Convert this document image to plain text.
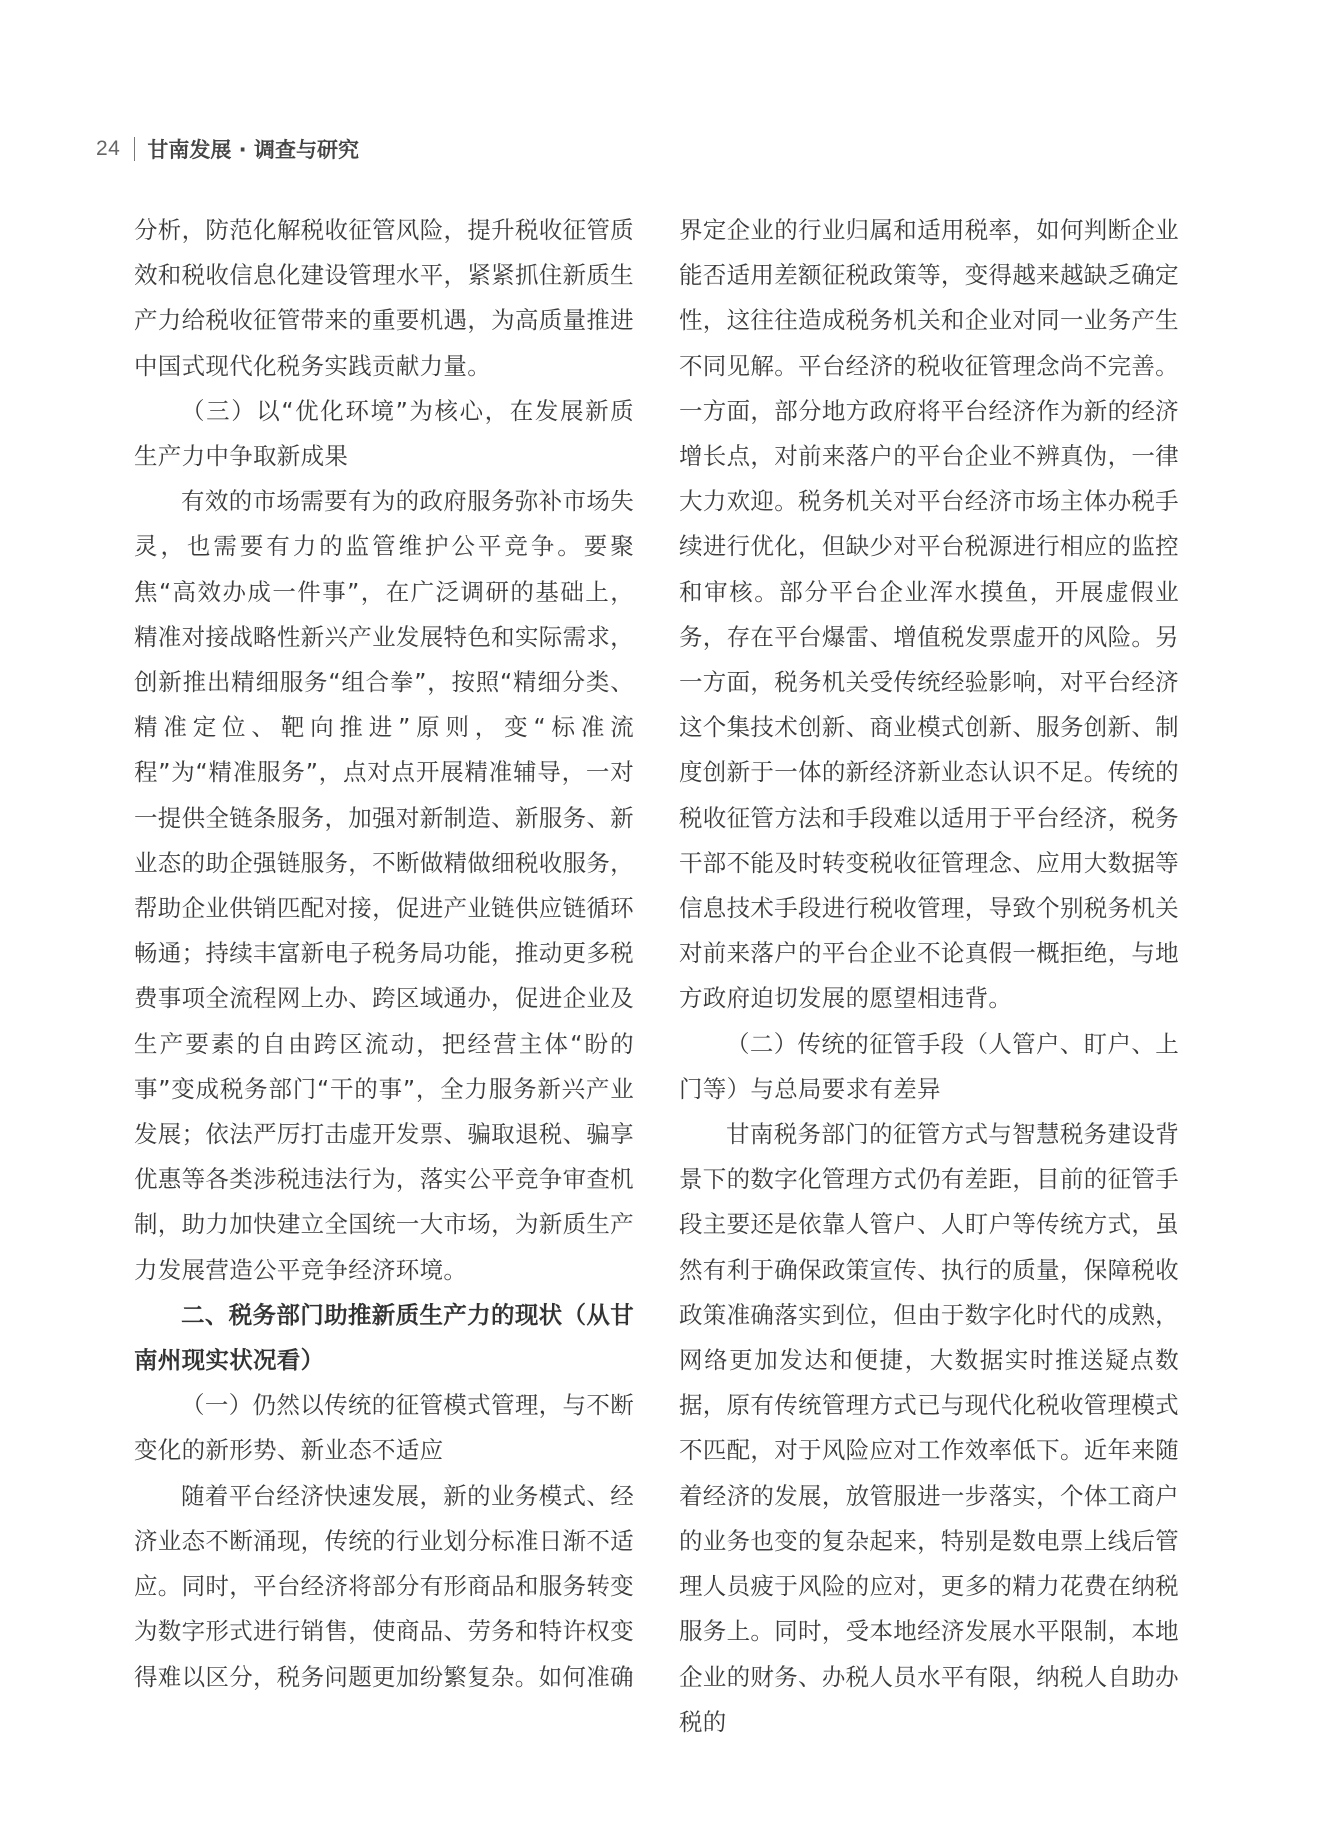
24 甘南发展 · 调查与研究

分析，防范化解税收征管风险，提升税收征管质效和税收信息化建设管理水平，紧紧抓住新质生产力给税收征管带来的重要机遇，为高质量推进中国式现代化税务实践贡献力量。

（三）以“优化环境”为核心，在发展新质生产力中争取新成果

有效的市场需要有为的政府服务弥补市场失灵，也需要有力的监管维护公平竞争。要聚焦“高效办成一件事”，在广泛调研的基础上，精准对接战略性新兴产业发展特色和实际需求，创新推出精细服务“组合拳”，按照“精细分类、精准定位、靶向推进”原则，变“标准流程”为“精准服务”，点对点开展精准辅导，一对一提供全链条服务，加强对新制造、新服务、新业态的助企强链服务，不断做精做细税收服务，帮助企业供销匹配对接，促进产业链供应链循环畅通；持续丰富新电子税务局功能，推动更多税费事项全流程网上办、跨区域通办，促进企业及生产要素的自由跨区流动，把经营主体“盼的事”变成税务部门“干的事”，全力服务新兴产业发展；依法严厉打击虚开发票、骗取退税、骗享优惠等各类涉税违法行为，落实公平竞争审查机制，助力加快建立全国统一大市场，为新质生产力发展营造公平竞争经济环境。

二、税务部门助推新质生产力的现状（从甘南州现实状况看）

（一）仍然以传统的征管模式管理，与不断变化的新形势、新业态不适应

随着平台经济快速发展，新的业务模式、经济业态不断涌现，传统的行业划分标准日渐不适应。同时，平台经济将部分有形商品和服务转变为数字形式进行销售，使商品、劳务和特许权变得难以区分，税务问题更加纷繁复杂。如何准确

界定企业的行业归属和适用税率，如何判断企业能否适用差额征税政策等，变得越来越缺乏确定性，这往往造成税务机关和企业对同一业务产生不同见解。平台经济的税收征管理念尚不完善。一方面，部分地方政府将平台经济作为新的经济增长点，对前来落户的平台企业不辨真伪，一律大力欢迎。税务机关对平台经济市场主体办税手续进行优化，但缺少对平台税源进行相应的监控和审核。部分平台企业浑水摸鱼，开展虚假业务，存在平台爆雷、增值税发票虚开的风险。另一方面，税务机关受传统经验影响，对平台经济这个集技术创新、商业模式创新、服务创新、制度创新于一体的新经济新业态认识不足。传统的税收征管方法和手段难以适用于平台经济，税务干部不能及时转变税收征管理念、应用大数据等信息技术手段进行税收管理，导致个别税务机关对前来落户的平台企业不论真假一概拒绝，与地方政府迫切发展的愿望相违背。

（二）传统的征管手段（人管户、盯户、上门等）与总局要求有差异

甘南税务部门的征管方式与智慧税务建设背景下的数字化管理方式仍有差距，目前的征管手段主要还是依靠人管户、人盯户等传统方式，虽然有利于确保政策宣传、执行的质量，保障税收政策准确落实到位，但由于数字化时代的成熟，网络更加发达和便捷，大数据实时推送疑点数据，原有传统管理方式已与现代化税收管理模式不匹配，对于风险应对工作效率低下。近年来随着经济的发展，放管服进一步落实，个体工商户的业务也变的复杂起来，特别是数电票上线后管理人员疲于风险的应对，更多的精力花费在纳税服务上。同时，受本地经济发展水平限制，本地企业的财务、办税人员水平有限，纳税人自助办税的
